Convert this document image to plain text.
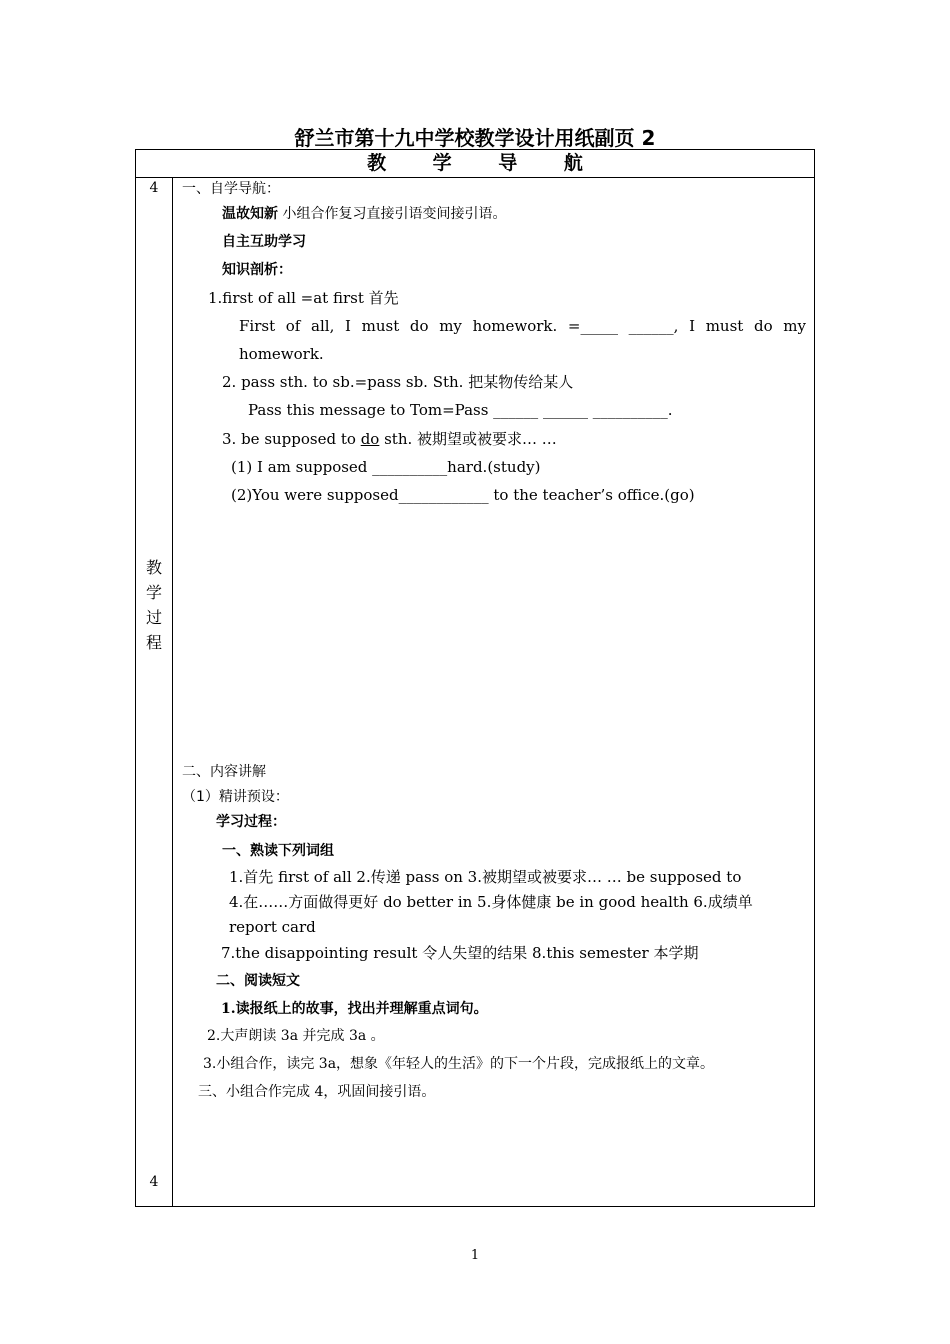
舒兰市第十九中学校教学设计用纸副页 2
教 学 导 航
4
教
学
过
程
4
一、自学导航：
温故知新 小组合作复习直接引语变间接引语。
自主互助学习
知识剖析：
1.first of all =at first 首先
First of all, I must do my homework. =_____ ______, I must do my
homework.
2. pass sth. to sb.=pass sb. Sth. 把某物传给某人
Pass this message to Tom=Pass ______ ______ __________.
3. be supposed to do sth. 被期望或被要求… …
(1) I am supposed __________hard.(study)
(2)You were supposed____________ to the teacher’s office.(go)
二、内容讲解
（1）精讲预设：
学习过程：
一、熟读下列词组
1.首先 first of all 2.传递 pass on 3.被期望或被要求… … be supposed to
4.在……方面做得更好 do better in 5.身体健康 be in good health 6.成绩单
report card
7.the disappointing result 令人失望的结果 8.this semester 本学期
二、阅读短文
1.读报纸上的故事，找出并理解重点词句。
2.大声朗读 3a 并完成 3a 。
3.小组合作，读完 3a，想象《年轻人的生活》的下一个片段，完成报纸上的文章。
三、小组合作完成 4，巩固间接引语。
1
